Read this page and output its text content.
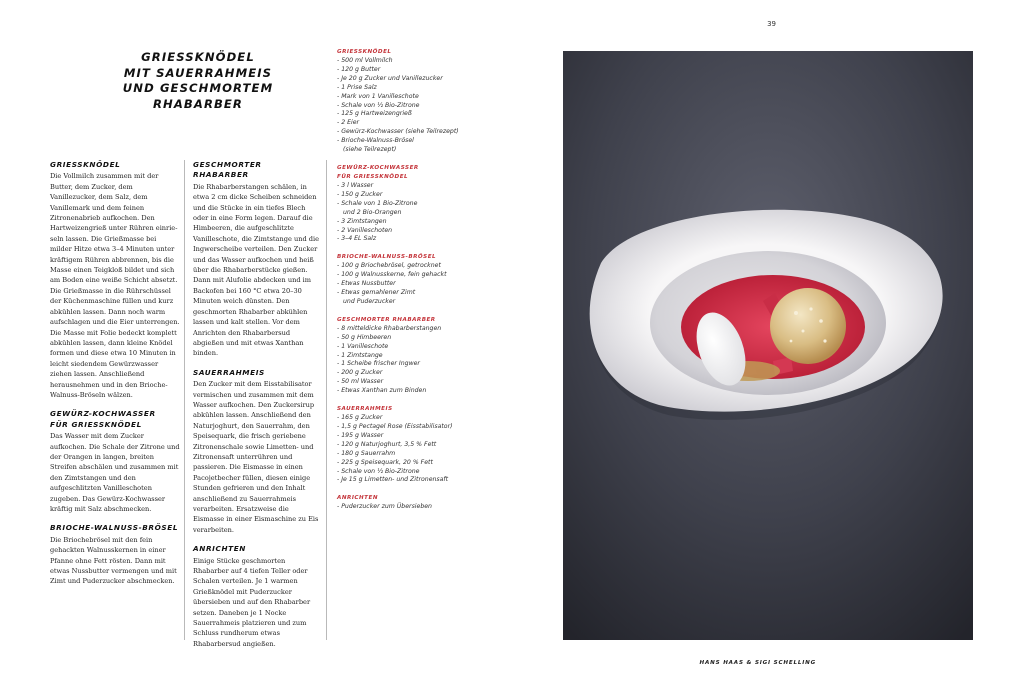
39
GRIESSKNÖDEL
MIT SAUERRAHMEIS
UND GESCHMORTEM
RHABARBER
GRIESSKNÖDEL
Die Vollmilch zusammen mit der Butter, dem Zucker, dem Vanillezucker, dem Salz, dem Vanillemark und dem feinen Zitronenabrieb aufkochen. Den Hartweizengrieß unter Rühren einrieseln lassen. Die Grießmasse bei milder Hitze etwa 3–4 Minuten unter kräftigem Rühren abbrennen, bis die Masse einen Teigkloß bildet und sich am Boden eine weiße Schicht absetzt. Die Grießmasse in die Rührschüssel der Küchenmaschine füllen und kurz abkühlen lassen. Dann noch warm aufschlagen und die Eier unterrengen. Die Masse mit Folie bedeckt komplett abkühlen lassen, dann kleine Knödel formen und diese etwa 10 Minuten in leicht siedendem Gewürzwasser ziehen lassen. Anschließend herausnehmen und in den Brioche-Walnuss-Bröseln wälzen.
GEWÜRZ-KOCHWASSER
FÜR GRIESSKNÖDEL
Das Wasser mit dem Zucker aufkochen. Die Schale der Zitrone und der Orangen in langen, breiten Streifen abschälen und zusammen mit den Zimtstangen und den aufgeschlitzten Vanilleschoten zugeben. Das Gewürz-Kochwasser kräftig mit Salz abschmecken.
BRIOCHE-WALNUSS-BRÖSEL
Die Briochebrösel mit den fein gehackten Walnusskernen in einer Pfanne ohne Fett rösten. Dann mit etwas Nussbutter vermengen und mit Zimt und Puderzucker abschmecken.
GESCHMORTER RHABARBER
Die Rhabarberstangen schälen, in etwa 2 cm dicke Scheiben schneiden und die Stücke in ein tiefes Blech oder in eine Form legen. Darauf die Himbeeren, die aufgeschlitzte Vanilleschote, die Zimtstange und die Ingwerscheibe verteilen. Den Zucker und das Wasser aufkochen und heiß über die Rhabarberstücke gießen. Dann mit Alufolie abdecken und im Backofen bei 160 °C etwa 20–30 Minuten weich dünsten. Den geschmorten Rhabarber abkühlen lassen und kalt stellen. Vor dem Anrichten den Rhabarbersud abgießen und mit etwas Xanthan binden.
SAUERRAHMEIS
Den Zucker mit dem Eisstabilisator vermischen und zusammen mit dem Wasser aufkochen. Den Zuckersirup abkühlen lassen. Anschließend den Naturjoghurt, den Sauerrahm, den Speisequark, die frisch geriebene Zitronenschale sowie Limetten- und Zitronensaft unterrühren und passieren. Die Eismasse in einen Pacojetbecher füllen, diesen einige Stunden gefrieren und den Inhalt anschließend zu Sauerrahmeis verarbeiten. Ersatzweise die Eismasse in einer Eismaschine zu Eis verarbeiten.
ANRICHTEN
Einige Stücke geschmorten Rhabarber auf 4 tiefen Teller oder Schalen verteilen. Je 1 warmen Grießknödel mit Puderzucker übersieben und auf den Rhabarber setzen. Daneben je 1 Nocke Sauerrahmeis platzieren und zum Schluss rundherum etwas Rhabarbersud angießen.
GRIESSKNÖDEL
- 500 ml Vollmilch
- 120 g Butter
- Je 20 g Zucker und Vanillezucker
- 1 Prise Salz
- Mark von 1 Vanilleschote
- Schale von ½ Bio-Zitrone
- 125 g Hartweizengrieß
- 2 Eier
- Gewürz-Kochwasser (siehe Teilrezept)
- Brioche-Walnuss-Brösel
(siehe Teilrezept)
GEWÜRZ-KOCHWASSER
FÜR GRIESSKNÖDEL
- 3 l Wasser
- 150 g Zucker
- Schale von 1 Bio-Zitrone
und 2 Bio-Orangen
- 3 Zimtstangen
- 2 Vanilleschoten
- 3–4 EL Salz
BRIOCHE-WALNUSS-BRÖSEL
- 100 g Briochebrösel, getrocknet
- 100 g Walnusskerne, fein gehackt
- Etwas Nussbutter
- Etwas gemahlener Zimt
und Puderzucker
GESCHMORTER RHABARBER
- 8 mitteldicke Rhabarberstangen
- 50 g Himbeeren
- 1 Vanilleschote
- 1 Zimtstange
- 1 Scheibe frischer Ingwer
- 200 g Zucker
- 50 ml Wasser
- Etwas Xanthan zum Binden
SAUERRAHMEIS
- 165 g Zucker
- 1,5 g Pectagel Rose (Eisstabilisator)
- 195 g Wasser
- 120 g Naturjoghurt, 3,5 % Fett
- 180 g Sauerrahm
- 225 g Speisequark, 20 % Fett
- Schale von ½ Bio-Zitrone
- Je 15 g Limetten- und Zitronensaft
ANRICHTEN
- Puderzucker zum Übersieben
HANS HAAS & SIGI SCHELLING
